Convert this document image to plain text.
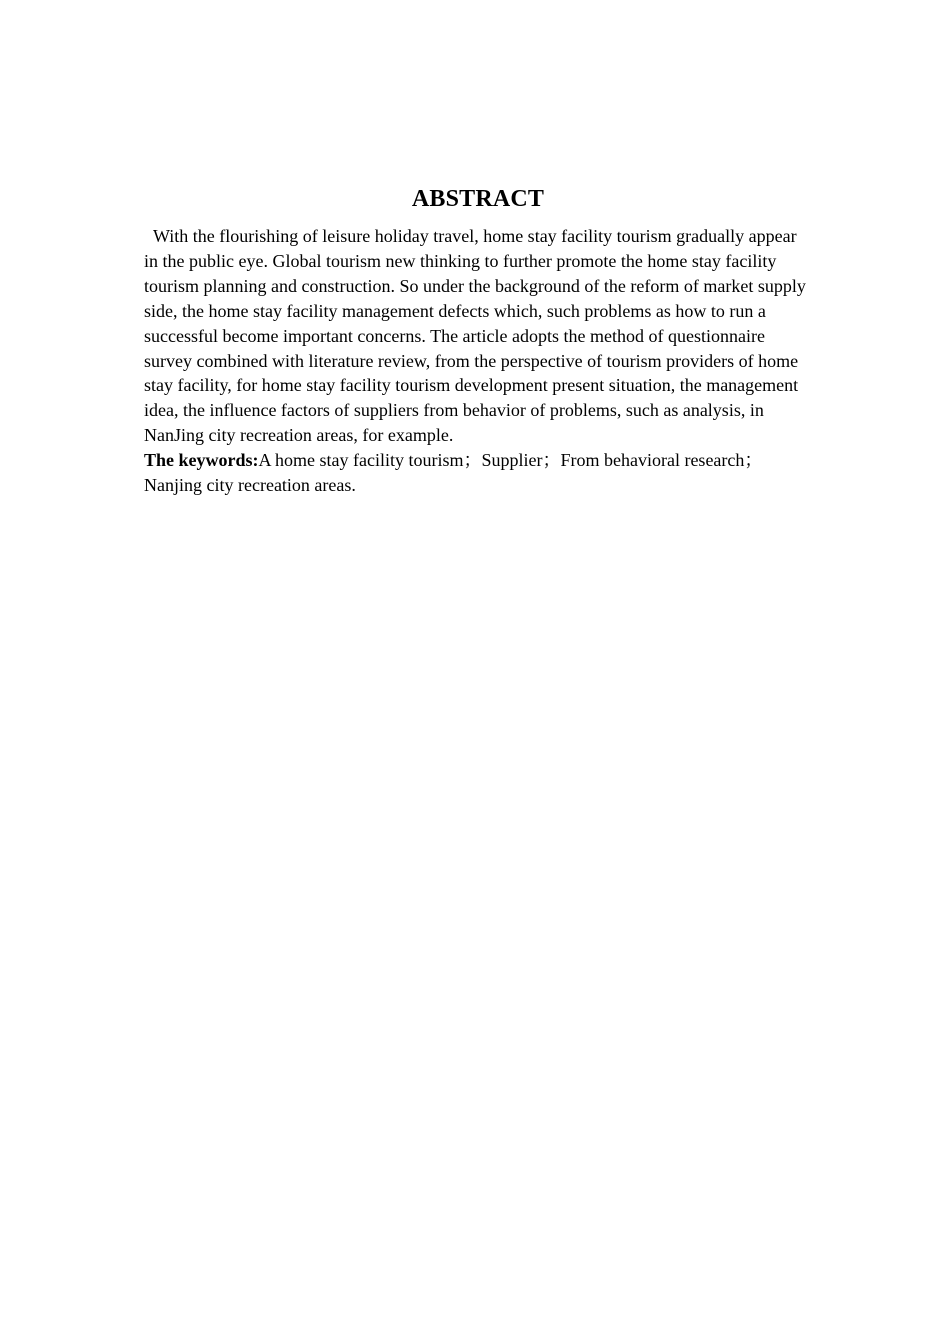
ABSTRACT

With the flourishing of leisure holiday travel, home stay facility tourism gradually appear in the public eye. Global tourism new thinking to further promote the home stay facility tourism planning and construction. So under the background of the reform of market supply side, the home stay facility management defects which, such problems as how to run a successful become important concerns. The article adopts the method of questionnaire survey combined with literature review, from the perspective of tourism providers of home stay facility, for home stay facility tourism development present situation, the management idea, the influence factors of suppliers from behavior of problems, such as analysis, in NanJing city recreation areas, for example.

The keywords:A home stay facility tourism；Supplier；From behavioral research；Nanjing city recreation areas.
